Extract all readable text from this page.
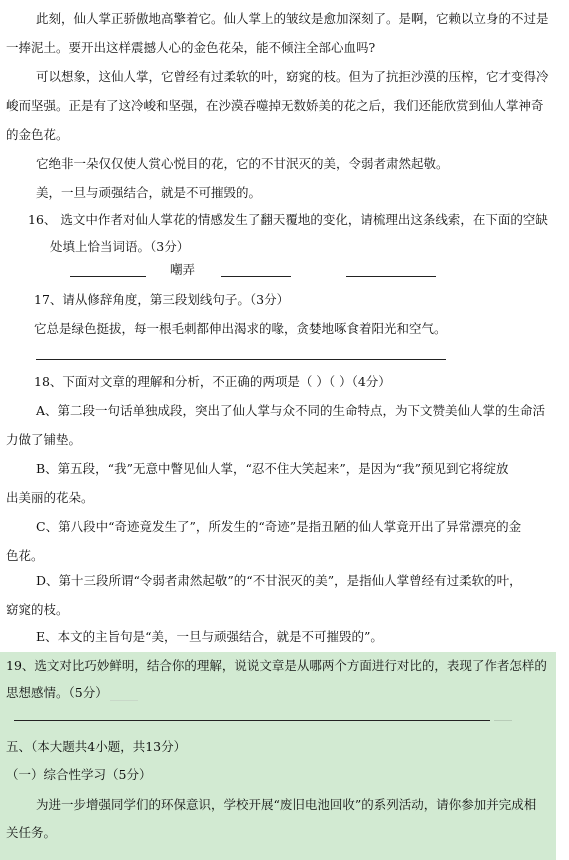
此刻，仙人掌正骄傲地高擎着它。仙人掌上的皱纹是愈加深刻了。是啊，它赖以立身的不过是
一捧泥土。要开出这样震撼人心的金色花朵，能不倾注全部心血吗?
可以想象，这仙人掌，它曾经有过柔软的叶，窈窕的枝。但为了抗拒沙漠的压榨，它才变得冷
峻而坚强。正是有了这冷峻和坚强，在沙漠吞噬掉无数娇美的花之后，我们还能欣赏到仙人掌神奇
的金色花。
它绝非一朵仅仅使人赏心悦目的花，它的不甘泯灭的美，令弱者肃然起敬。
美，一旦与顽强结合，就是不可摧毁的。
16、 选文中作者对仙人掌花的情感发生了翻天覆地的变化，请梳理出这条线索，在下面的空缺
处填上恰当词语。（3分）
嘲弄
17、请从修辞角度，第三段划线句子。（3分）
它总是绿色挺拔，每一根毛刺都伸出渴求的喙，贪婪地啄食着阳光和空气。
18、下面对文章的理解和分析，不正确的两项是（ ）（ ）（4分）
A、第二段一句话单独成段，突出了仙人掌与众不同的生命特点，为下文赞美仙人掌的生命活
力做了铺垫。
B、第五段，“我”无意中瞥见仙人掌，“忍不住大笑起来”，是因为“我”预见到它将绽放
出美丽的花朵。
C、第八段中“奇迹竟发生了”，所发生的“奇迹”是指丑陋的仙人掌竟开出了异常漂亮的金
色花。
D、第十三段所谓“令弱者肃然起敬”的“不甘泯灭的美”，是指仙人掌曾经有过柔软的叶，
窈窕的枝。
E、本文的主旨句是“美，一旦与顽强结合，就是不可摧毁的”。
19、选文对比巧妙鲜明，结合你的理解，说说文章是从哪两个方面进行对比的，表现了作者怎样的
思想感情。（5分）
五、（本大题共4小题，共13分）
（一）综合性学习（5分）
为进一步增强同学们的环保意识，学校开展“废旧电池回收”的系列活动，请你参加并完成相
关任务。
